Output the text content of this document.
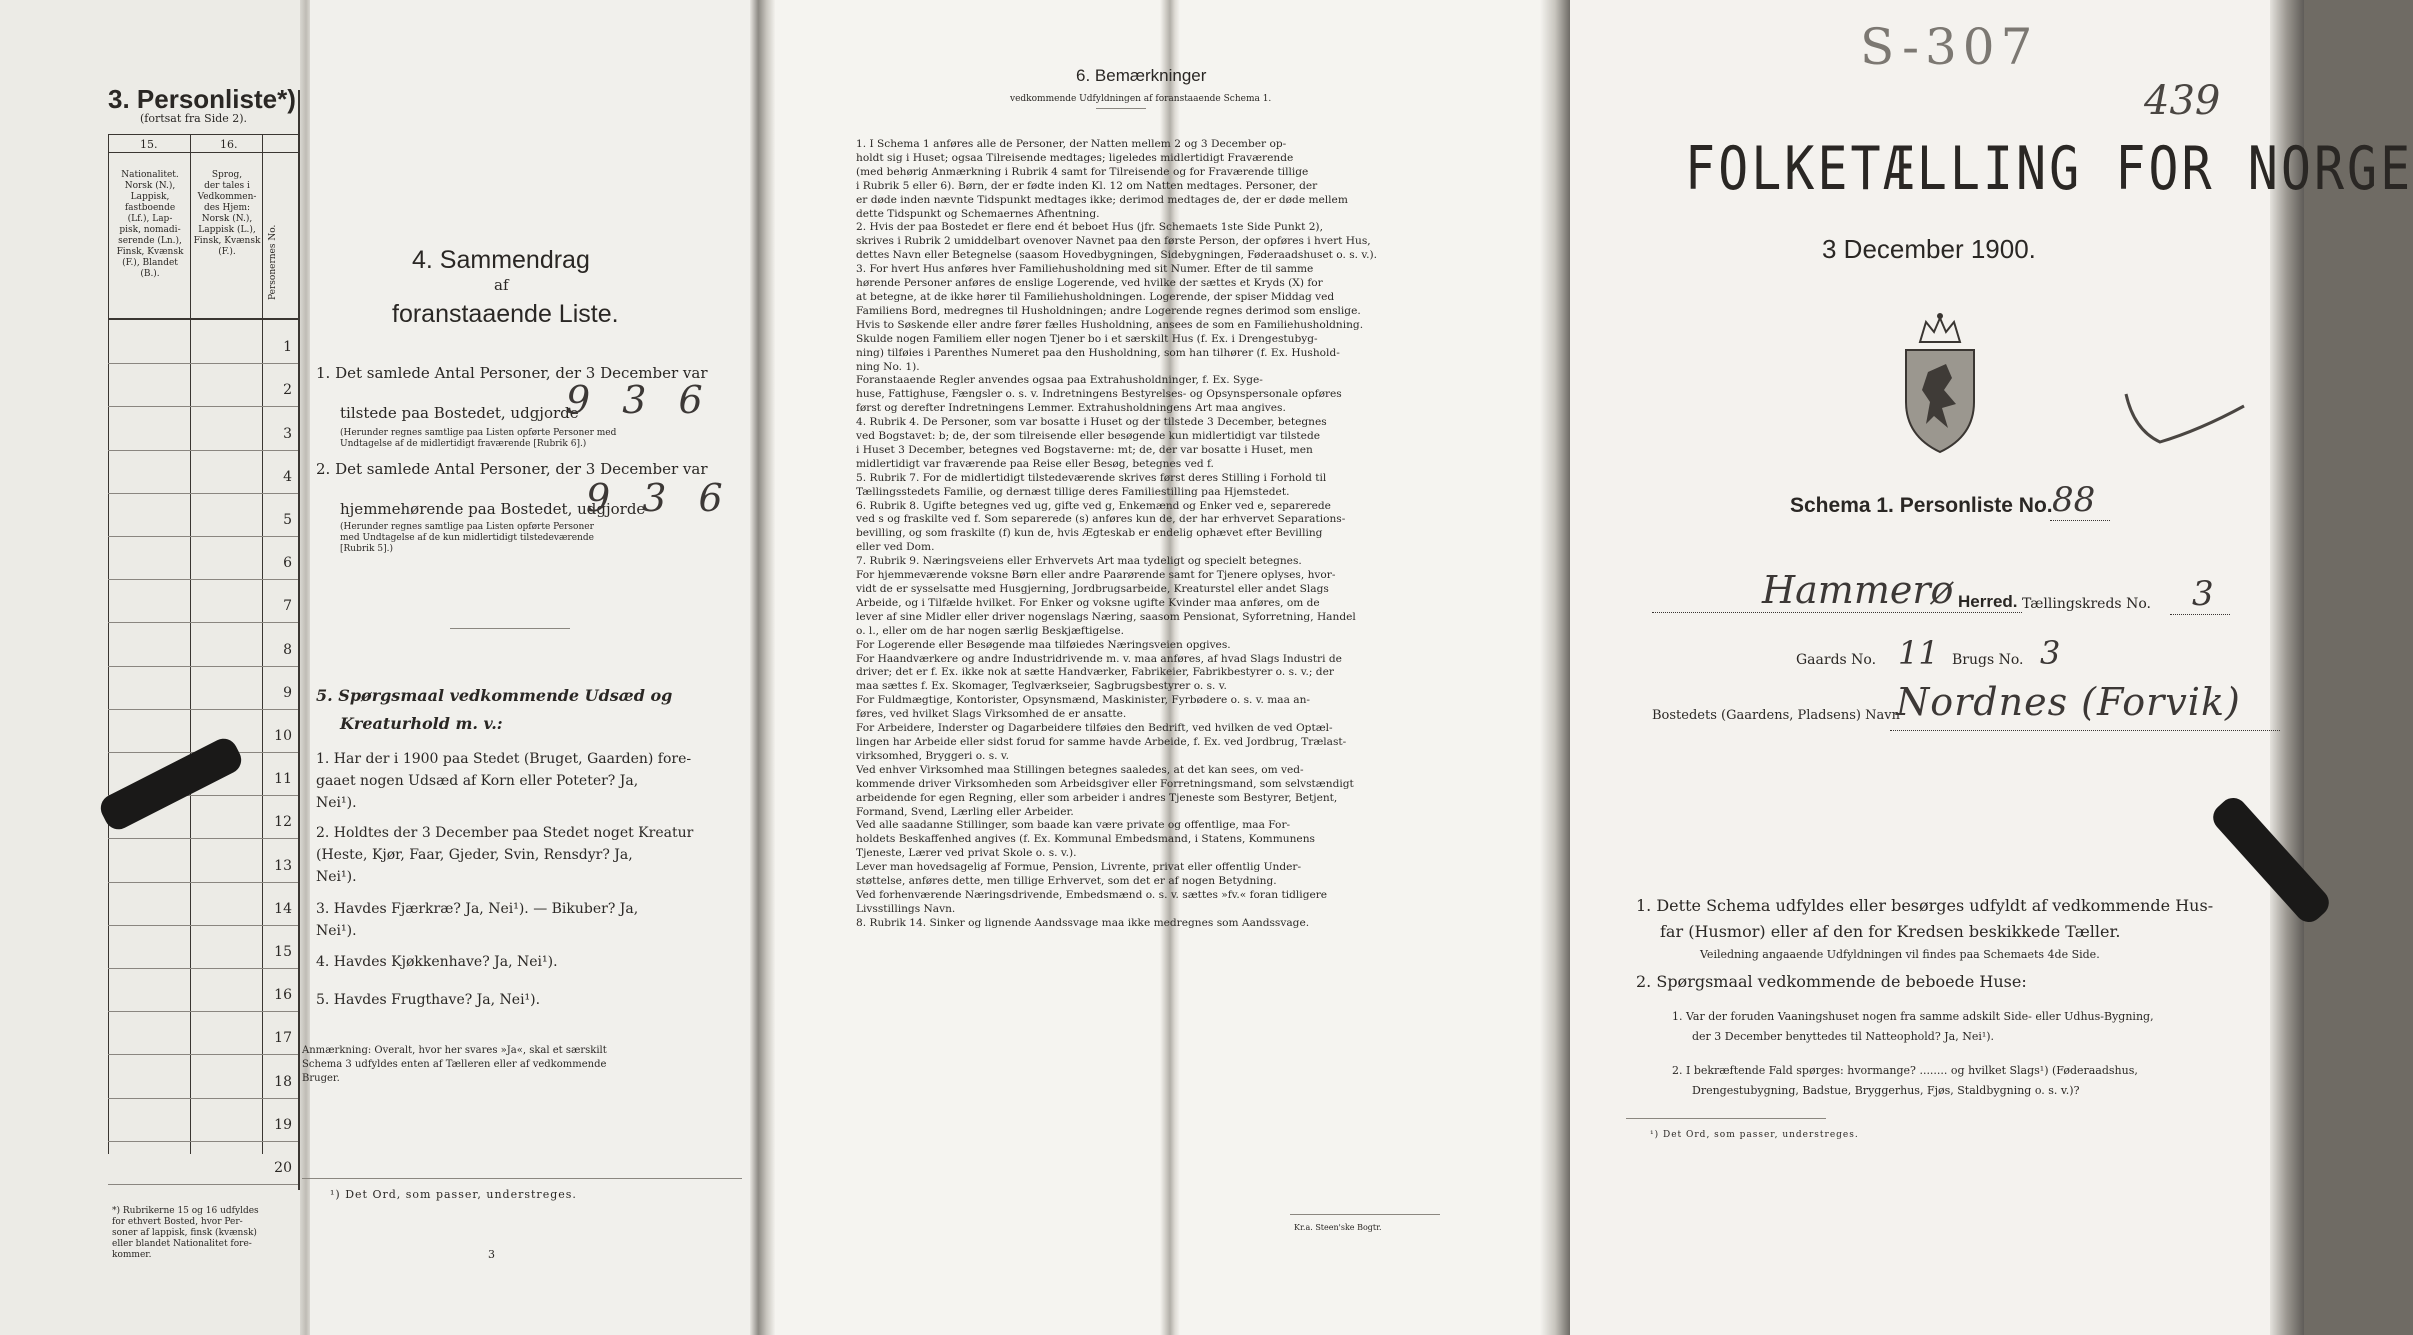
3. Personliste*)
(fortsat fra Side 2).
15.	16.
Nationalitet.
Norsk (N.),
Lappisk,
fastboende
(Lf.), Lap-
pisk, nomadi-
serende (Ln.),
Finsk, Kvænsk
(F.), Blandet
(B.).
Sprog,
der tales i
Vedkommen-
des Hjem:
Norsk (N.),
Lappisk (L.),
Finsk, Kvænsk
(F.).	Personernes No.
1
2
3
4
5
6
7
8
9
10
11
12
13
14
15
16
17
18
19
20
*) Rubrikerne 15 og 16 udfyldes
for ethvert Bosted, hvor Per-
soner af lappisk, finsk (kvænsk)
eller blandet Nationalitet fore-
kommer.
4. Sammendrag
af
foranstaaende Liste.
1. Det samlede Antal Personer, der 3 December var
tilstede paa Bostedet, udgjorde
9 3 6
(Herunder regnes samtlige paa Listen opførte Personer med
Undtagelse af de midlertidigt fraværende [Rubrik 6].)
2. Det samlede Antal Personer, der 3 December var
hjemmehørende paa Bostedet, udgjorde
9 3 6
(Herunder regnes samtlige paa Listen opførte Personer
med Undtagelse af de kun midlertidigt tilstedeværende
[Rubrik 5].)
5. Spørgsmaal vedkommende Udsæd og
Kreaturhold m. v.:
1. Har der i 1900 paa Stedet (Bruget, Gaarden) fore-
gaaet nogen Udsæd af Korn eller Poteter? Ja,
Nei¹).
2. Holdtes der 3 December paa Stedet noget Kreatur
(Heste, Kjør, Faar, Gjeder, Svin, Rensdyr? Ja,
Nei¹).
3. Havdes Fjærkræ? Ja, Nei¹). — Bikuber? Ja,
Nei¹).
4. Havdes Kjøkkenhave? Ja, Nei¹).
5. Havdes Frugthave? Ja, Nei¹).
Anmærkning: Overalt, hvor her svares »Ja«, skal et særskilt
Schema 3 udfyldes enten af Tælleren eller af vedkommende
Bruger.
¹) Det Ord, som passer, understreges.
3
6. Bemærkninger
vedkommende Udfyldningen af foranstaaende Schema 1.
1. I Schema 1 anføres alle de Personer, der Natten mellem 2 og 3 December op-
holdt sig i Huset; ogsaa Tilreisende medtages; ligeledes midlertidigt Fraværende
(med behørig Anmærkning i Rubrik 4 samt for Tilreisende og for Fraværende tillige
i Rubrik 5 eller 6). Børn, der er fødte inden Kl. 12 om Natten medtages. Personer, der
er døde inden nævnte Tidspunkt medtages ikke; derimod medtages de, der er døde mellem
dette Tidspunkt og Schemaernes Afhentning.
2. Hvis der paa Bostedet er flere end ét beboet Hus (jfr. Schemaets 1ste Side Punkt 2),
skrives i Rubrik 2 umiddelbart ovenover Navnet paa den første Person, der opføres i hvert Hus,
dettes Navn eller Betegnelse (saasom Hovedbygningen, Sidebygningen, Føderaadshuset o. s. v.).
3. For hvert Hus anføres hver Familiehusholdning med sit Numer. Efter de til samme
hørende Personer anføres de enslige Logerende, ved hvilke der sættes et Kryds (X) for
at betegne, at de ikke hører til Familiehusholdningen. Logerende, der spiser Middag ved
Familiens Bord, medregnes til Husholdningen; andre Logerende regnes derimod som enslige.
Hvis to Søskende eller andre fører fælles Husholdning, ansees de som en Familiehusholdning.
Skulde nogen Familiem eller nogen Tjener bo i et særskilt Hus (f. Ex. i Drengestubyg-
ning) tilføies i Parenthes Numeret paa den Husholdning, som han tilhører (f. Ex. Hushold-
ning No. 1).
Foranstaaende Regler anvendes ogsaa paa Extrahusholdninger, f. Ex. Syge-
huse, Fattighuse, Fængsler o. s. v. Indretningens Bestyrelses- og Opsynspersonale opføres
først og derefter Indretningens Lemmer. Extrahusholdningens Art maa angives.
4. Rubrik 4. De Personer, som var bosatte i Huset og der tilstede 3 December, betegnes
ved Bogstavet: b; de, der som tilreisende eller besøgende kun midlertidigt var tilstede
i Huset 3 December, betegnes ved Bogstaverne: mt; de, der var bosatte i Huset, men
midlertidigt var fraværende paa Reise eller Besøg, betegnes ved f.
5. Rubrik 7. For de midlertidigt tilstedeværende skrives først deres Stilling i Forhold til
Tællingsstedets Familie, og dernæst tillige deres Familiestilling paa Hjemstedet.
6. Rubrik 8. Ugifte betegnes ved ug, gifte ved g, Enkemænd og Enker ved e, separerede
ved s og fraskilte ved f. Som separerede (s) anføres kun de, der har erhvervet Separations-
bevilling, og som fraskilte (f) kun de, hvis Ægteskab er endelig ophævet efter Bevilling
eller ved Dom.
7. Rubrik 9. Næringsveiens eller Erhvervets Art maa tydeligt og specielt betegnes.
For hjemmeværende voksne Børn eller andre Paarørende samt for Tjenere oplyses, hvor-
vidt de er sysselsatte med Husgjerning, Jordbrugsarbeide, Kreaturstel eller andet Slags
Arbeide, og i Tilfælde hvilket. For Enker og voksne ugifte Kvinder maa anføres, om de
lever af sine Midler eller driver nogenslags Næring, saasom Pensionat, Syforretning, Handel
o. l., eller om de har nogen særlig Beskjæftigelse.
For Logerende eller Besøgende maa tilføiedes Næringsveien opgives.
For Haandværkere og andre Industridrivende m. v. maa anføres, af hvad Slags Industri de
driver; det er f. Ex. ikke nok at sætte Handværker, Fabrikeier, Fabrikbestyrer o. s. v.; der
maa sættes f. Ex. Skomager, Teglværkseier, Sagbrugsbestyrer o. s. v.
For Fuldmægtige, Kontorister, Opsynsmænd, Maskinister, Fyrbødere o. s. v. maa an-
føres, ved hvilket Slags Virksomhed de er ansatte.
For Arbeidere, Inderster og Dagarbeidere tilføies den Bedrift, ved hvilken de ved Optæl-
lingen har Arbeide eller sidst forud for samme havde Arbeide, f. Ex. ved Jordbrug, Trælast-
virksomhed, Bryggeri o. s. v.
Ved enhver Virksomhed maa Stillingen betegnes saaledes, at det kan sees, om ved-
kommende driver Virksomheden som Arbeidsgiver eller Forretningsmand, som selvstændigt
arbeidende for egen Regning, eller som arbeider i andres Tjeneste som Bestyrer, Betjent,
Formand, Svend, Lærling eller Arbeider.
Ved alle saadanne Stillinger, som baade kan være private og offentlige, maa For-
holdets Beskaffenhed angives (f. Ex. Kommunal Embedsmand, i Statens, Kommunens
Tjeneste, Lærer ved privat Skole o. s. v.).
Lever man hovedsagelig af Formue, Pension, Livrente, privat eller offentlig Under-
støttelse, anføres dette, men tillige Erhvervet, som det er af nogen Betydning.
Ved forhenværende Næringsdrivende, Embedsmænd o. s. v. sættes »fv.« foran tidligere
Livsstillings Navn.
8. Rubrik 14. Sinker og lignende Aandssvage maa ikke medregnes som Aandssvage.
Kr.a. Steen'ske Bogtr.
S-307
439
FOLKETÆLLING FOR NORGE
3 December 1900.
Schema 1. Personliste No. 88
Hammerø Herred. Tællingskreds No. 3
Gaards No. 11 Brugs No. 3
Bostedets (Gaardens, Pladsens) Navn
Nordnes (Forvik)
1. Dette Schema udfyldes eller besørges udfyldt af vedkommende Hus-
far (Husmor) eller af den for Kredsen beskikkede Tæller.
Veiledning angaaende Udfyldningen vil findes paa Schemaets 4de Side.
2. Spørgsmaal vedkommende de beboede Huse:
1. Var der foruden Vaaningshuset nogen fra samme adskilt Side- eller Udhus-Bygning,
der 3 December benyttedes til Natteophold? Ja, Nei¹).
2. I bekræftende Fald spørges: hvormange? ........ og hvilket Slags¹) (Føderaadshus,
Drengestubygning, Badstue, Bryggerhus, Fjøs, Staldbygning o. s. v.)?
¹) Det Ord, som passer, understreges.
